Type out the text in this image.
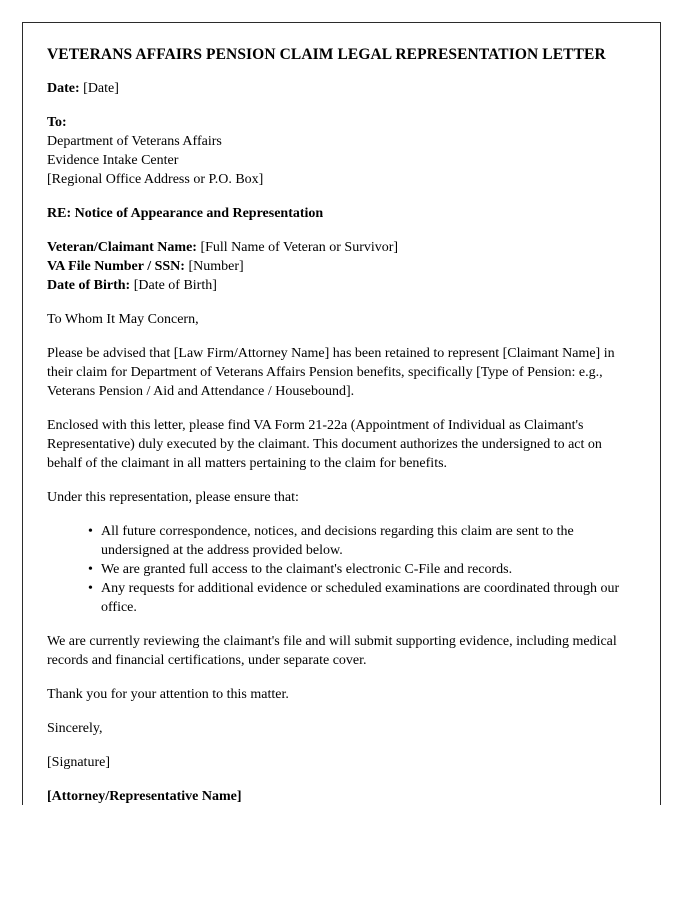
VETERANS AFFAIRS PENSION CLAIM LEGAL REPRESENTATION LETTER

Date: [Date]

To:
Department of Veterans Affairs
Evidence Intake Center
[Regional Office Address or P.O. Box]

RE: Notice of Appearance and Representation

Veteran/Claimant Name: [Full Name of Veteran or Survivor]
VA File Number / SSN: [Number]
Date of Birth: [Date of Birth]

To Whom It May Concern,

Please be advised that [Law Firm/Attorney Name] has been retained to represent [Claimant Name] in their claim for Department of Veterans Affairs Pension benefits, specifically [Type of Pension: e.g., Veterans Pension / Aid and Attendance / Housebound].

Enclosed with this letter, please find VA Form 21-22a (Appointment of Individual as Claimant's Representative) duly executed by the claimant. This document authorizes the undersigned to act on behalf of the claimant in all matters pertaining to the claim for benefits.

Under this representation, please ensure that:

• All future correspondence, notices, and decisions regarding this claim are sent to the undersigned at the address provided below.
• We are granted full access to the claimant's electronic C-File and records.
• Any requests for additional evidence or scheduled examinations are coordinated through our office.

We are currently reviewing the claimant's file and will submit supporting evidence, including medical records and financial certifications, under separate cover.

Thank you for your attention to this matter.

Sincerely,

[Signature]

[Attorney/Representative Name]
